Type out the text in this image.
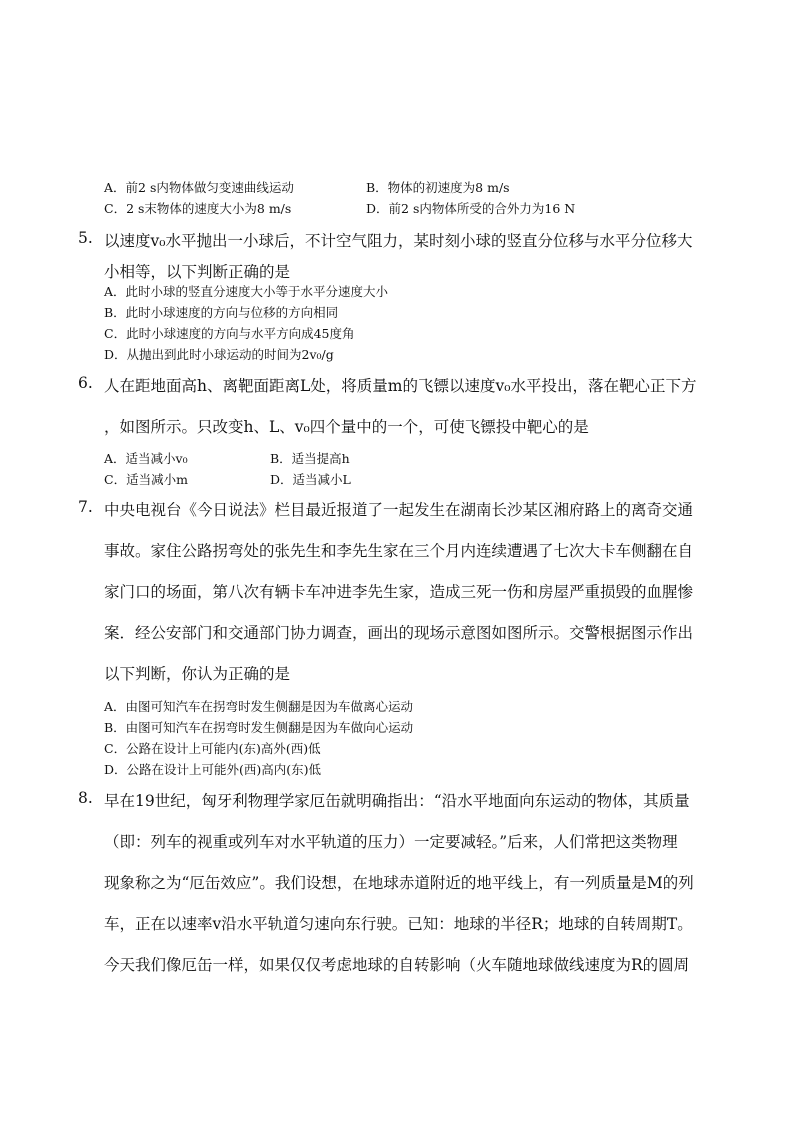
A．前2 s内物体做匀变速曲线运动	B．物体的初速度为8 m/s
C．2 s末物体的速度大小为8 m/s	D．前2 s内物体所受的合外力为16 N
5. 以速度v₀水平抛出一小球后，不计空气阻力，某时刻小球的竖直分位移与水平分位移大
小相等，以下判断正确的是
A．此时小球的竖直分速度大小等于水平分速度大小
B．此时小球速度的方向与位移的方向相同
C．此时小球速度的方向与水平方向成45度角
D．从抛出到此时小球运动的时间为2v₀/g
6. 人在距地面高h、离靶面距离L处，将质量m的飞镖以速度v₀水平投出，落在靶心正下方
，如图所示。只改变h、L、v₀四个量中的一个，可使飞镖投中靶心的是
A．适当减小v₀	B．适当提高h
C．适当减小m	D．适当减小L
7. 中央电视台《今日说法》栏目最近报道了一起发生在湖南长沙某区湘府路上的离奇交通
事故。家住公路拐弯处的张先生和李先生家在三个月内连续遭遇了七次大卡车侧翻在自
家门口的场面，第八次有辆卡车冲进李先生家，造成三死一伤和房屋严重损毁的血腥惨
案．经公安部门和交通部门协力调查，画出的现场示意图如图所示。交警根据图示作出
以下判断，你认为正确的是
A．由图可知汽车在拐弯时发生侧翻是因为车做离心运动
B．由图可知汽车在拐弯时发生侧翻是因为车做向心运动
C．公路在设计上可能内(东)高外(西)低
D．公路在设计上可能外(西)高内(东)低
8. 早在19世纪，匈牙利物理学家厄缶就明确指出：“沿水平地面向东运动的物体，其质量
（即：列车的视重或列车对水平轨道的压力）一定要减轻。”后来，人们常把这类物理
现象称之为“厄缶效应”。我们设想，在地球赤道附近的地平线上，有一列质量是M的列
车，正在以速率v沿水平轨道匀速向东行驶。已知：地球的半径R；地球的自转周期T。
今天我们像厄缶一样，如果仅仅考虑地球的自转影响（火车随地球做线速度为R的圆周
